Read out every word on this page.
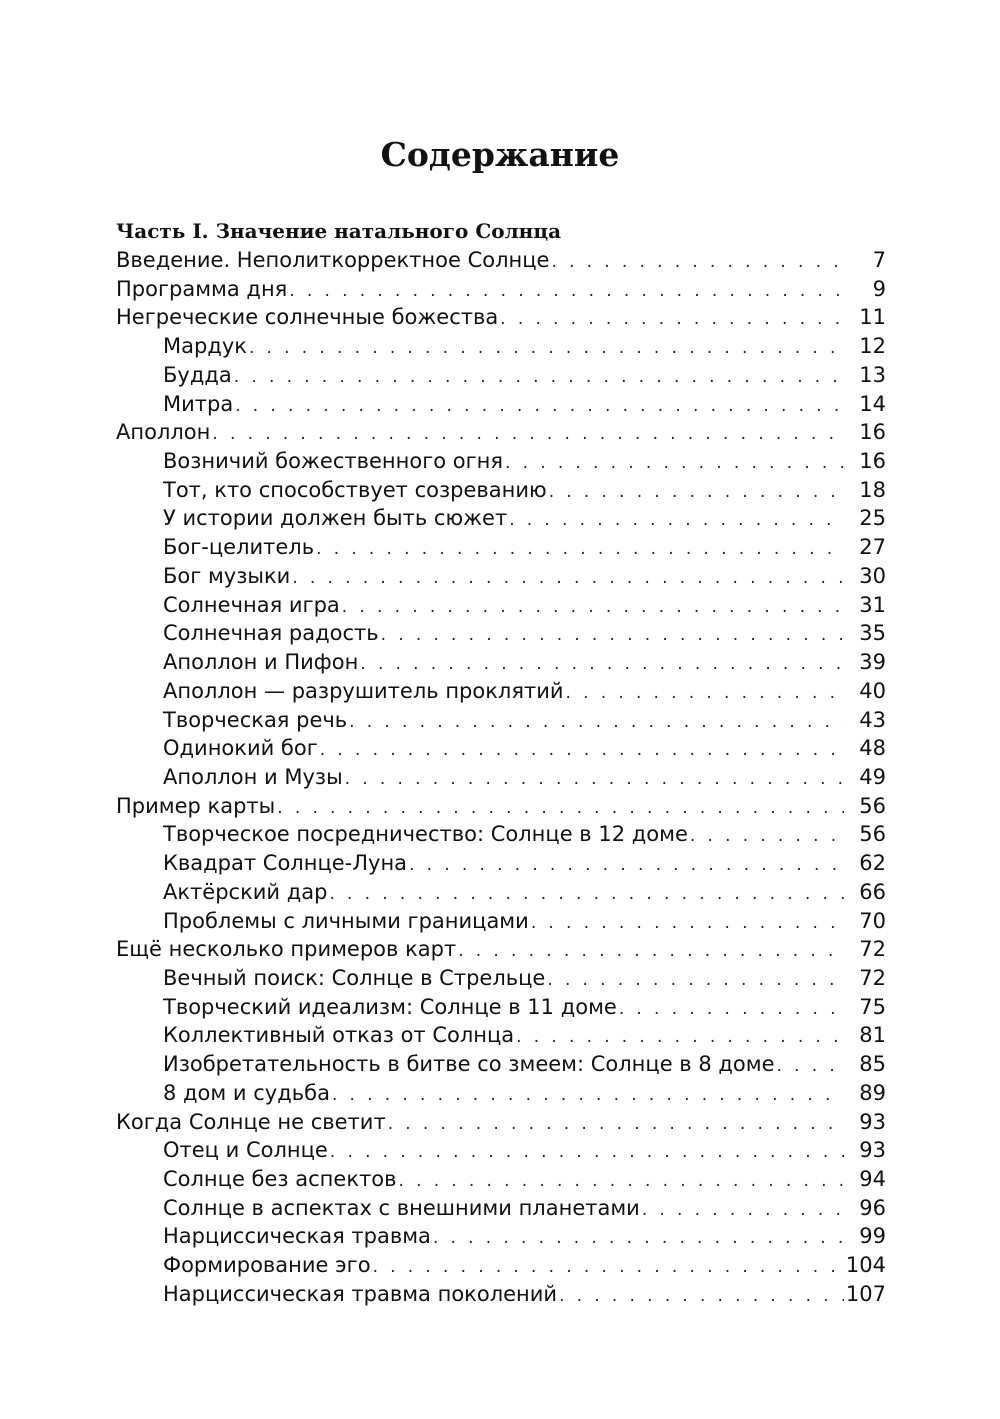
Содержание
Часть I. Значение натального Солнца
Введение. Неполиткорректное Солнце . . .	7
Программа дня . . .	9
Негреческие солнечные божества . . .	11
Мардук . . .	12
Будда . . .	13
Митра . . .	14
Аполлон . . .	16
Возничий божественного огня . . .	16
Тот, кто способствует созреванию . . .	18
У истории должен быть сюжет . . .	25
Бог-целитель . . .	27
Бог музыки . . .	30
Солнечная игра . . .	31
Солнечная радость . . .	35
Аполлон и Пифон . . .	39
Аполлон — разрушитель проклятий . . .	40
Творческая речь . . .	43
Одинокий бог . . .	48
Аполлон и Музы . . .	49
Пример карты . . .	56
Творческое посредничество: Солнце в 12 доме . . .	56
Квадрат Солнце-Луна . . .	62
Актёрский дар . . .	66
Проблемы с личными границами . . .	70
Ещё несколько примеров карт . . .	72
Вечный поиск: Солнце в Стрельце . . .	72
Творческий идеализм: Солнце в 11 доме . . .	75
Коллективный отказ от Солнца . . .	81
Изобретательность в битве со змеем: Солнце в 8 доме . . .	85
8 дом и судьба . . .	89
Когда Солнце не светит . . .	93
Отец и Солнце . . .	93
Солнце без аспектов . . .	94
Солнце в аспектах с внешними планетами . . .	96
Нарциссическая травма . . .	99
Формирование эго . . .	104
Нарциссическая травма поколений . . .	107
